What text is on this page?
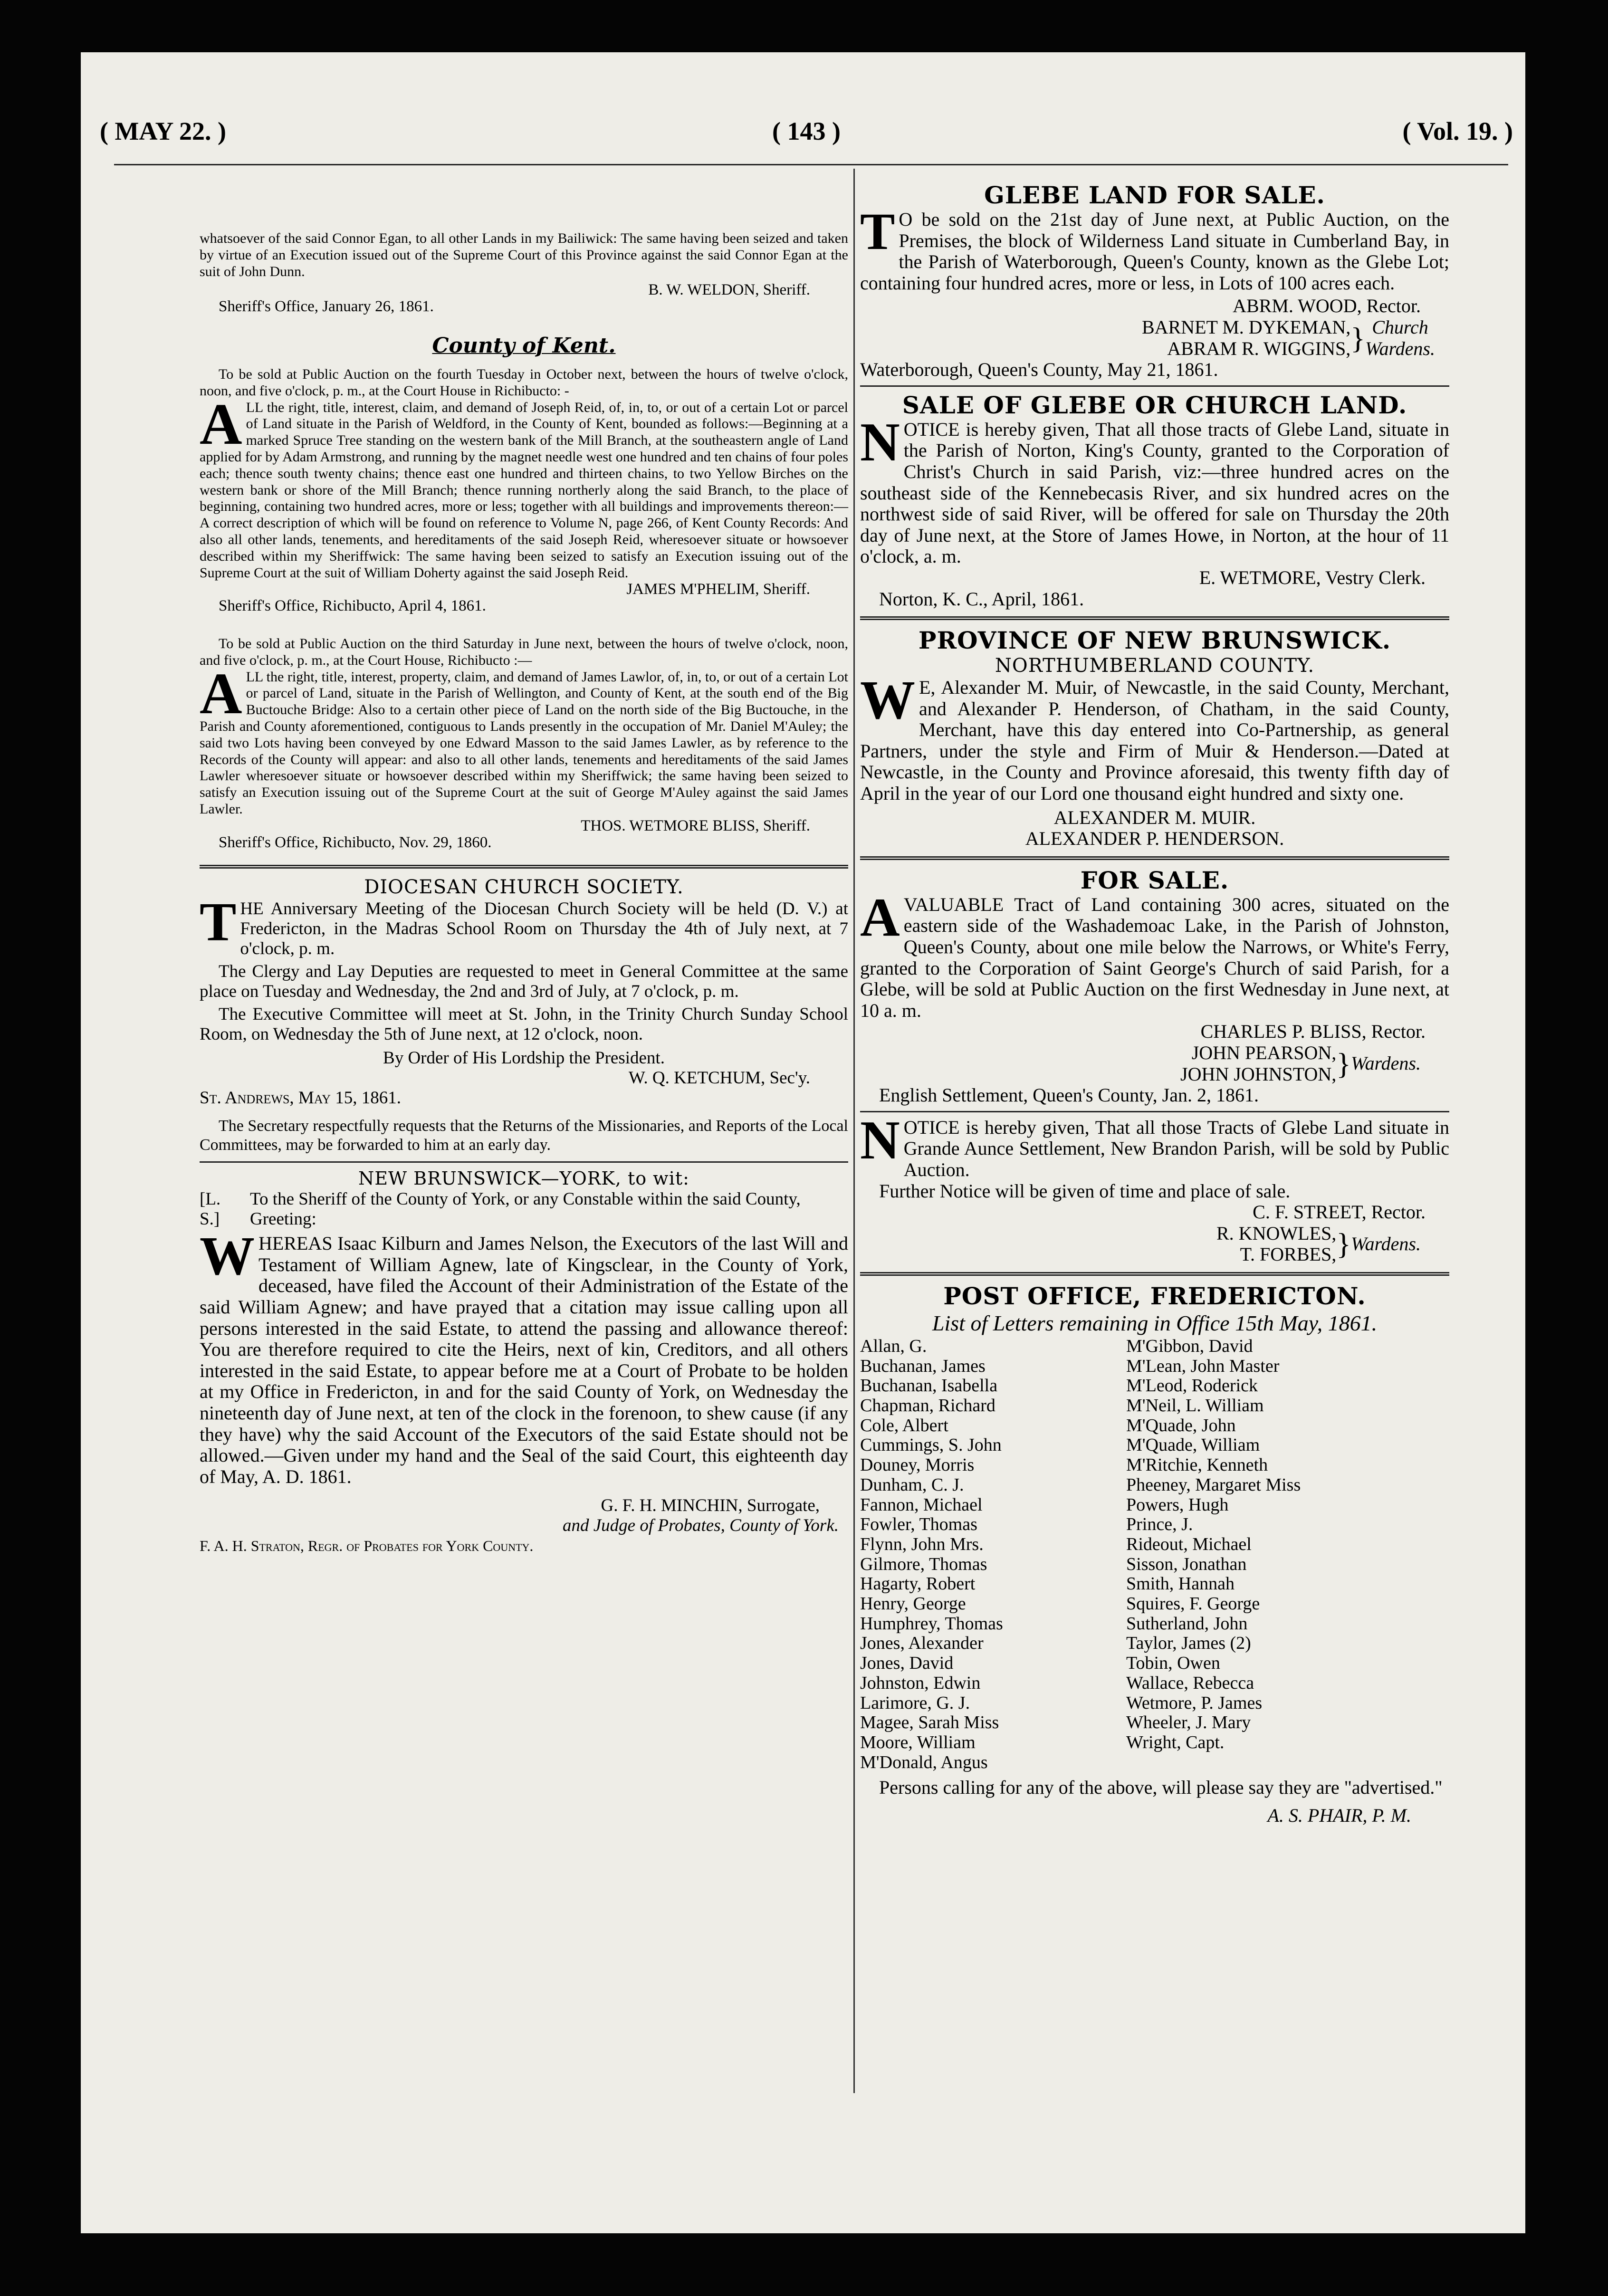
( MAY 22. )	( 143 )	( Vol. 19. )

whatsoever of the said Connor Egan, to all other Lands in my Bailiwick: The same having been seized and taken by virtue of an Execution issued out of the Supreme Court of this Province against the said Connor Egan at the suit of John Dunn.

B. W. WELDON, Sheriff.

Sheriff's Office, January 26, 1861.

County of Kent.

To be sold at Public Auction on the fourth Tuesday in October next, between the hours of twelve o'clock, noon, and five o'clock, p. m., at the Court House in Richibucto: -

ALL the right, title, interest, claim, and demand of Joseph Reid, of, in, to, or out of a certain Lot or parcel of Land situate in the Parish of Weldford, in the County of Kent, bounded as follows:—Beginning at a marked Spruce Tree standing on the western bank of the Mill Branch, at the southeastern angle of Land applied for by Adam Armstrong, and running by the magnet needle west one hundred and ten chains of four poles each; thence south twenty chains; thence east one hundred and thirteen chains, to two Yellow Birches on the western bank or shore of the Mill Branch; thence running northerly along the said Branch, to the place of beginning, containing two hundred acres, more or less; together with all buildings and improvements thereon:—A correct description of which will be found on reference to Volume N, page 266, of Kent County Records: And also all other lands, tenements, and hereditaments of the said Joseph Reid, wheresoever situate or howsoever described within my Sheriffwick: The same having been seized to satisfy an Execution issuing out of the Supreme Court at the suit of William Doherty against the said Joseph Reid.

JAMES M'PHELIM, Sheriff.

Sheriff's Office, Richibucto, April 4, 1861.

To be sold at Public Auction on the third Saturday in June next, between the hours of twelve o'clock, noon, and five o'clock, p. m., at the Court House, Richibucto :—

ALL the right, title, interest, property, claim, and demand of James Lawlor, of, in, to, or out of a certain Lot or parcel of Land, situate in the Parish of Wellington, and County of Kent, at the south end of the Big Buctouche Bridge: Also to a certain other piece of Land on the north side of the Big Buctouche, in the Parish and County aforementioned, contiguous to Lands presently in the occupation of Mr. Daniel M'Auley; the said two Lots having been conveyed by one Edward Masson to the said James Lawler, as by reference to the Records of the County will appear: and also to all other lands, tenements and hereditaments of the said James Lawler wheresoever situate or howsoever described within my Sheriffwick; the same having been seized to satisfy an Execution issuing out of the Supreme Court at the suit of George M'Auley against the said James Lawler.

THOS. WETMORE BLISS, Sheriff.

Sheriff's Office, Richibucto, Nov. 29, 1860.

DIOCESAN CHURCH SOCIETY.

THE Anniversary Meeting of the Diocesan Church Society will be held (D. V.) at Fredericton, in the Madras School Room on Thursday the 4th of July next, at 7 o'clock, p. m.

The Clergy and Lay Deputies are requested to meet in General Committee at the same place on Tuesday and Wednesday, the 2nd and 3rd of July, at 7 o'clock, p. m.

The Executive Committee will meet at St. John, in the Trinity Church Sunday School Room, on Wednesday the 5th of June next, at 12 o'clock, noon.

By Order of His Lordship the President.

W. Q. KETCHUM, Sec'y.

St. Andrews, May 15, 1861.

The Secretary respectfully requests that the Returns of the Missionaries, and Reports of the Local Committees, may be forwarded to him at an early day.

NEW BRUNSWICK—YORK, to wit:

[L. S.]
To the Sheriff of the County of York, or any Constable within the said County, Greeting:

WHEREAS Isaac Kilburn and James Nelson, the Executors of the last Will and Testament of William Agnew, late of Kingsclear, in the County of York, deceased, have filed the Account of their Administration of the Estate of the said William Agnew; and have prayed that a citation may issue calling upon all persons interested in the said Estate, to attend the passing and allowance thereof: You are therefore required to cite the Heirs, next of kin, Creditors, and all others interested in the said Estate, to appear before me at a Court of Probate to be holden at my Office in Fredericton, in and for the said County of York, on Wednesday the nineteenth day of June next, at ten of the clock in the forenoon, to shew cause (if any they have) why the said Account of the Executors of the said Estate should not be allowed.—Given under my hand and the Seal of the said Court, this eighteenth day of May, A. D. 1861.

G. F. H. MINCHIN, Surrogate,

and Judge of Probates, County of York.

F. A. H. Straton, Regr. of Probates for York County.

GLEBE LAND FOR SALE.

T O be sold on the 21st day of June next, at Public Auction, on the Premises, the block of Wilderness Land situate in Cumberland Bay, in the Parish of Waterborough, Queen's County, known as the Glebe Lot; containing four hundred acres, more or less, in Lots of 100 acres each.

ABRM. WOOD, Rector.

BARNET M. DYKEMAN,
ABRAM R. WIGGINS, } Church
Wardens.

Waterborough, Queen's County, May 21, 1861.

SALE OF GLEBE OR CHURCH LAND.

NOTICE is hereby given, That all those tracts of Glebe Land, situate in the Parish of Norton, King's County, granted to the Corporation of Christ's Church in said Parish, viz:—three hundred acres on the southeast side of the Kennebecasis River, and six hundred acres on the northwest side of said River, will be offered for sale on Thursday the 20th day of June next, at the Store of James Howe, in Norton, at the hour of 11 o'clock, a. m.

E. WETMORE, Vestry Clerk.

Norton, K. C., April, 1861.

PROVINCE OF NEW BRUNSWICK.

NORTHUMBERLAND COUNTY.

W E, Alexander M. Muir, of Newcastle, in the said County, Merchant, and Alexander P. Henderson, of Chatham, in the said County, Merchant, have this day entered into Co-Partnership, as general Partners, under the style and Firm of Muir & Henderson.—Dated at Newcastle, in the County and Province aforesaid, this twenty fifth day of April in the year of our Lord one thousand eight hundred and sixty one.

ALEXANDER M. MUIR.

ALEXANDER P. HENDERSON.

FOR SALE.

AVALUABLE Tract of Land containing 300 acres, situated on the eastern side of the Washademoac Lake, in the Parish of Johnston, Queen's County, about one mile below the Narrows, or White's Ferry, granted to the Corporation of Saint George's Church of said Parish, for a Glebe, will be sold at Public Auction on the first Wednesday in June next, at 10 a. m.

CHARLES P. BLISS, Rector.

JOHN PEARSON,
JOHN JOHNSTON, } Wardens.

English Settlement, Queen's County, Jan. 2, 1861.

NOTICE is hereby given, That all those Tracts of Glebe Land situate in Grande Aunce Settlement, New Brandon Parish, will be sold by Public Auction.

Further Notice will be given of time and place of sale.

C. F. STREET, Rector.

R. KNOWLES,
T. FORBES, } Wardens.

POST OFFICE, FREDERICTON.

List of Letters remaining in Office 15th May, 1861.

Allan, G.	M'Gibbon, David
Buchanan, James	M'Lean, John Master
Buchanan, Isabella	M'Leod, Roderick
Chapman, Richard	M'Neil, L. William
Cole, Albert	M'Quade, John
Cummings, S. John	M'Quade, William
Douney, Morris	M'Ritchie, Kenneth
Dunham, C. J.	Pheeney, Margaret Miss
Fannon, Michael	Powers, Hugh
Fowler, Thomas	Prince, J.
Flynn, John Mrs.	Rideout, Michael
Gilmore, Thomas	Sisson, Jonathan
Hagarty, Robert	Smith, Hannah
Henry, George	Squires, F. George
Humphrey, Thomas	Sutherland, John
Jones, Alexander	Taylor, James (2)
Jones, David	Tobin, Owen
Johnston, Edwin	Wallace, Rebecca
Larimore, G. J.	Wetmore, P. James
Magee, Sarah Miss	Wheeler, J. Mary
Moore, William	Wright, Capt.
M'Donald, Angus

Persons calling for any of the above, will please say they are "advertised."

A. S. PHAIR, P. M.
